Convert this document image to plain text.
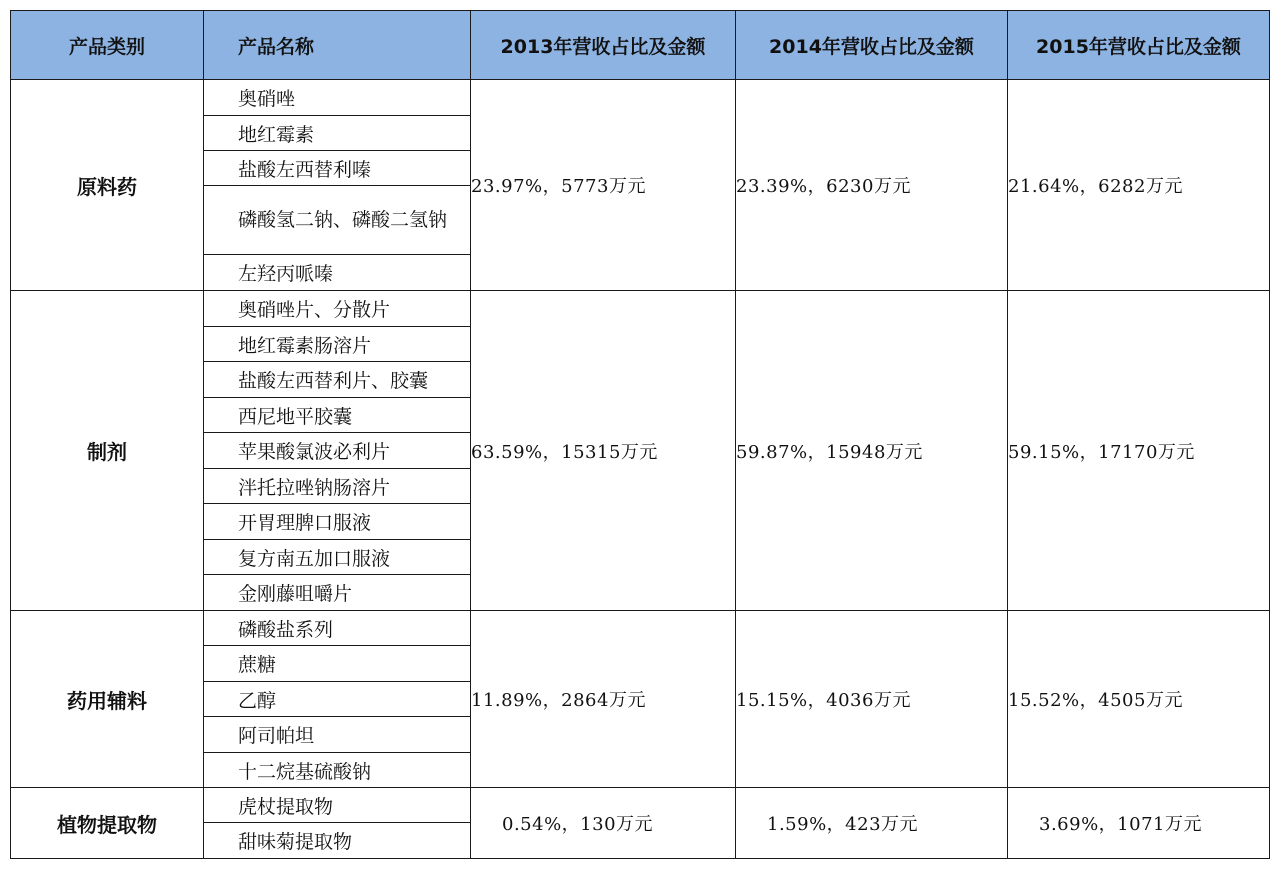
产品类别	产品名称	2013年营收占比及金额	2014年营收占比及金额	2015年营收占比及金额
原料药	奥硝唑	23.97%，5773万元	23.39%，6230万元	21.64%，6282万元

	地红霉素			

	盐酸左西替利嗪			

	磷酸氢二钠、磷酸二氢钠			

	左羟丙哌嗪			

制剂	奥硝唑片、分散片	63.59%，15315万元	59.87%，15948万元	59.15%，17170万元

	地红霉素肠溶片			

	盐酸左西替利片、胶囊			

	西尼地平胶囊			

	苹果酸氯波必利片			

	泮托拉唑钠肠溶片			

	开胃理脾口服液			

	复方南五加口服液			

	金刚藤咀嚼片			

药用辅料	磷酸盐系列	11.89%，2864万元	15.15%，4036万元	15.52%，4505万元

	蔗糖			

	乙醇			

	阿司帕坦			

	十二烷基硫酸钠			

植物提取物	虎杖提取物	0.54%，130万元	1.59%，423万元	3.69%，1071万元

	甜味菊提取物			
